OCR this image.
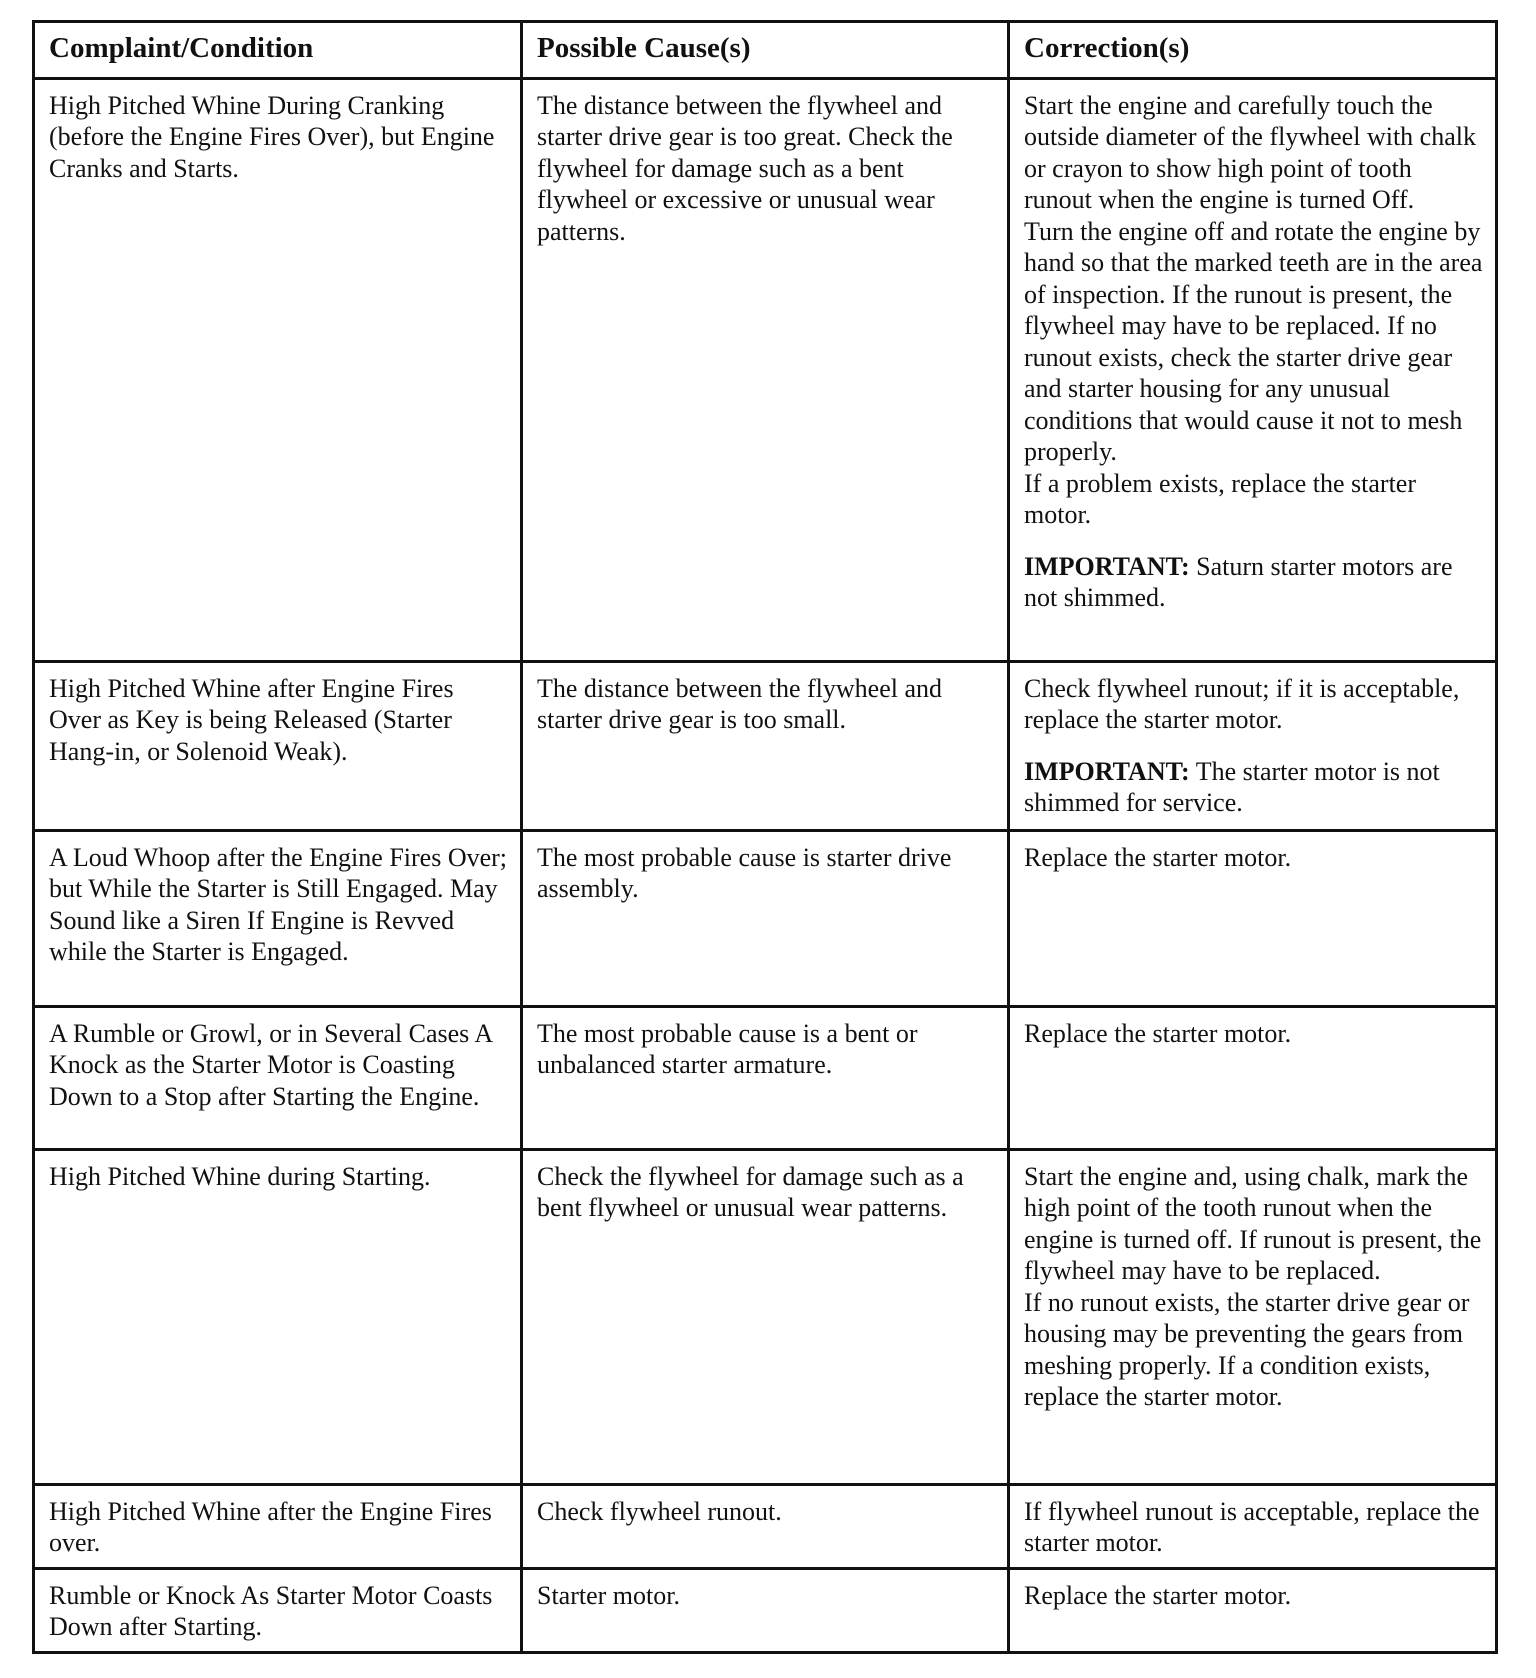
Complaint/Condition	Possible Cause(s)	Correction(s)
High Pitched Whine During Cranking (before the Engine Fires Over), but Engine Cranks and Starts.	The distance between the flywheel and starter drive gear is too great. Check the flywheel for damage such as a bent flywheel or excessive or unusual wear patterns.	Start the engine and carefully touch the outside diameter of the flywheel with chalk or crayon to show high point of tooth runout when the engine is turned Off.
Turn the engine off and rotate the engine by hand so that the marked teeth are in the area of inspection. If the runout is present, the flywheel may have to be replaced. If no runout exists, check the starter drive gear and starter housing for any unusual conditions that would cause it not to mesh properly.
If a problem exists, replace the starter motor.
IMPORTANT: Saturn starter motors are not shimmed.

High Pitched Whine after Engine Fires Over as Key is being Released (Starter Hang-in, or Solenoid Weak).	The distance between the flywheel and starter drive gear is too small.	Check flywheel runout; if it is acceptable, replace the starter motor.
IMPORTANT: The starter motor is not shimmed for service.

A Loud Whoop after the Engine Fires Over; but While the Starter is Still Engaged. May Sound like a Siren If Engine is Revved while the Starter is Engaged.	The most probable cause is starter drive assembly.	Replace the starter motor.

A Rumble or Growl, or in Several Cases A Knock as the Starter Motor is Coasting Down to a Stop after Starting the Engine.	The most probable cause is a bent or unbalanced starter armature.	Replace the starter motor.

High Pitched Whine during Starting.	Check the flywheel for damage such as a bent flywheel or unusual wear patterns.	Start the engine and, using chalk, mark the high point of the tooth runout when the engine is turned off. If runout is present, the flywheel may have to be replaced.
If no runout exists, the starter drive gear or housing may be preventing the gears from meshing properly. If a condition exists, replace the starter motor.

High Pitched Whine after the Engine Fires over.	Check flywheel runout.	If flywheel runout is acceptable, replace the starter motor.

Rumble or Knock As Starter Motor Coasts Down after Starting.	Starter motor.	Replace the starter motor.
